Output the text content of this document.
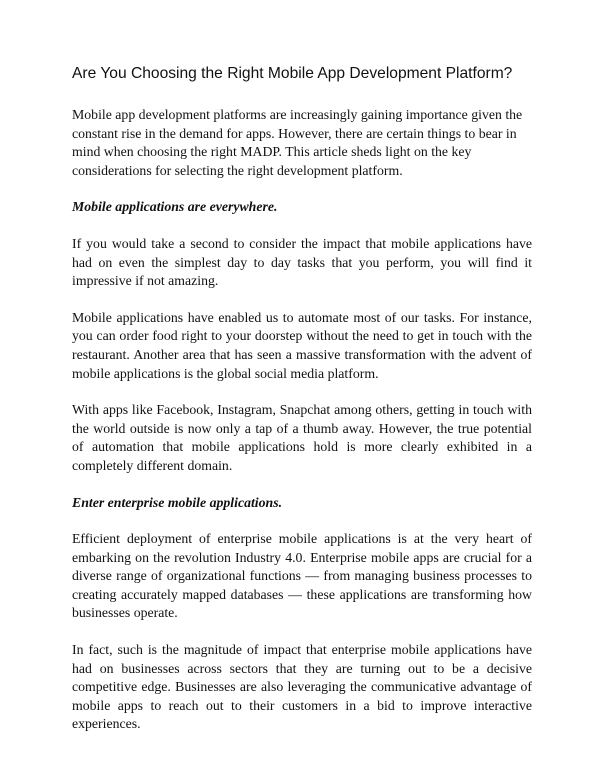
Are You Choosing the Right Mobile App Development Platform?

Mobile app development platforms are increasingly gaining importance given the constant rise in the demand for apps. However, there are certain things to bear in mind when choosing the right MADP. This article sheds light on the key considerations for selecting the right development platform.

Mobile applications are everywhere.

If you would take a second to consider the impact that mobile applications have had on even the simplest day to day tasks that you perform, you will find it impressive if not amazing.

Mobile applications have enabled us to automate most of our tasks. For instance, you can order food right to your doorstep without the need to get in touch with the restaurant. Another area that has seen a massive transformation with the advent of mobile applications is the global social media platform.

With apps like Facebook, Instagram, Snapchat among others, getting in touch with the world outside is now only a tap of a thumb away. However, the true potential of automation that mobile applications hold is more clearly exhibited in a completely different domain.

Enter enterprise mobile applications.

Efficient deployment of enterprise mobile applications is at the very heart of embarking on the revolution Industry 4.0. Enterprise mobile apps are crucial for a diverse range of organizational functions — from managing business processes to creating accurately mapped databases — these applications are transforming how businesses operate.

In fact, such is the magnitude of impact that enterprise mobile applications have had on businesses across sectors that they are turning out to be a decisive competitive edge. Businesses are also leveraging the communicative advantage of mobile apps to reach out to their customers in a bid to improve interactive experiences.
